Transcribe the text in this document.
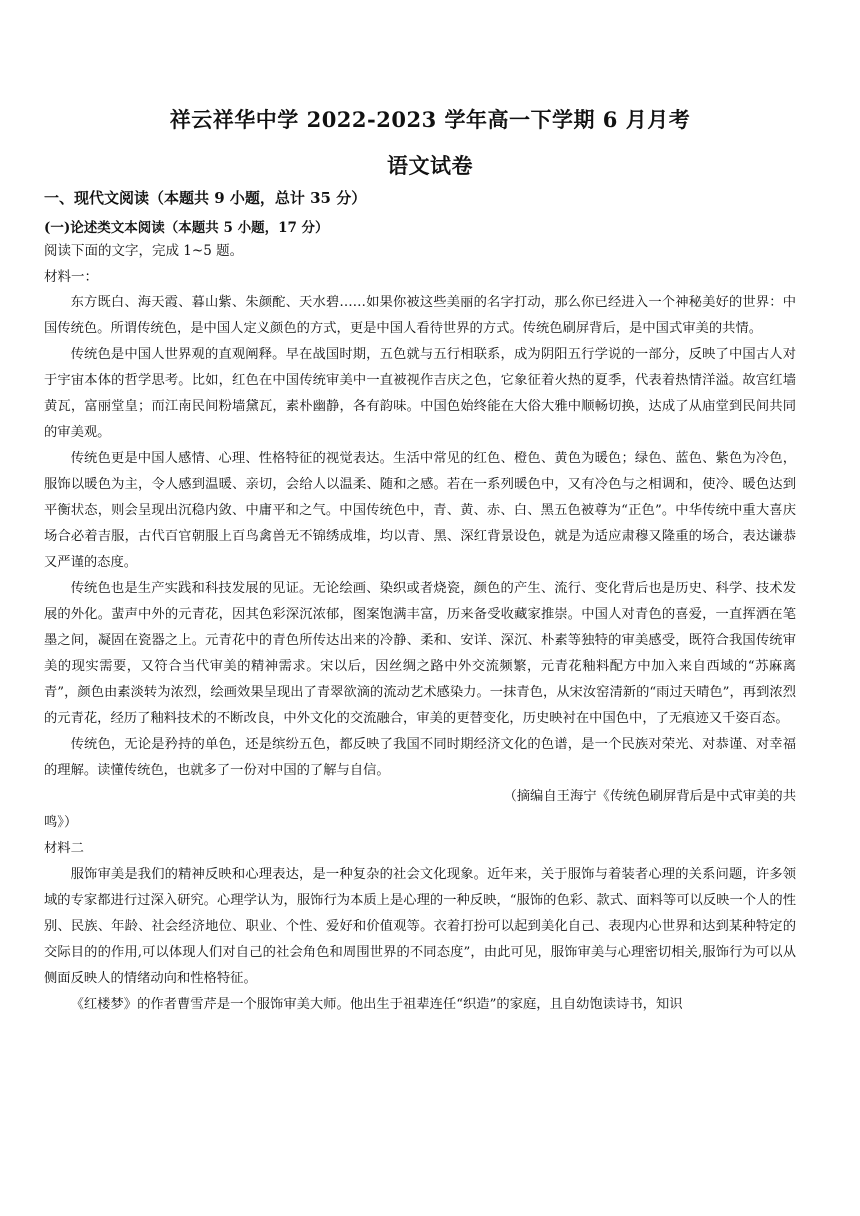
祥云祥华中学 2022-2023 学年高一下学期 6 月月考
语文试卷
一、现代文阅读（本题共 9 小题，总计 35 分）
(一)论述类文本阅读（本题共 5 小题，17 分）
阅读下面的文字，完成 1~5 题。
材料一：

东方既白、海天霞、暮山紫、朱颜酡、天水碧……如果你被这些美丽的名字打动，那么你已经进入一个神秘美好的世界：中国传统色。所谓传统色，是中国人定义颜色的方式，更是中国人看待世界的方式。传统色刷屏背后，是中国式审美的共情。

传统色是中国人世界观的直观阐释。早在战国时期，五色就与五行相联系，成为阴阳五行学说的一部分，反映了中国古人对于宇宙本体的哲学思考。比如，红色在中国传统审美中一直被视作吉庆之色，它象征着火热的夏季，代表着热情洋溢。故宫红墙黄瓦，富丽堂皇；而江南民间粉墙黛瓦，素朴幽静，各有韵味。中国色始终能在大俗大雅中顺畅切换，达成了从庙堂到民间共同的审美观。

传统色更是中国人感情、心理、性格特征的视觉表达。生活中常见的红色、橙色、黄色为暖色；绿色、蓝色、紫色为冷色，服饰以暖色为主，令人感到温暖、亲切，会给人以温柔、随和之感。若在一系列暖色中，又有冷色与之相调和，使冷、暖色达到平衡状态，则会呈现出沉稳内敛、中庸平和之气。中国传统色中，青、黄、赤、白、黑五色被尊为“正色”。中华传统中重大喜庆场合必着吉服，古代百官朝服上百鸟禽兽无不锦绣成堆，均以青、黑、深红背景设色，就是为适应肃穆又隆重的场合，表达谦恭又严谨的态度。

传统色也是生产实践和科技发展的见证。无论绘画、染织或者烧瓷，颜色的产生、流行、变化背后也是历史、科学、技术发展的外化。蜚声中外的元青花，因其色彩深沉浓郁，图案饱满丰富，历来备受收藏家推崇。中国人对青色的喜爱，一直挥洒在笔墨之间，凝固在瓷器之上。元青花中的青色所传达出来的冷静、柔和、安详、深沉、朴素等独特的审美感受，既符合我国传统审美的现实需要，又符合当代审美的精神需求。宋以后，因丝绸之路中外交流频繁，元青花釉料配方中加入来自西域的“苏麻离青”，颜色由素淡转为浓烈，绘画效果呈现出了青翠欲滴的流动艺术感染力。一抹青色，从宋汝窑清新的“雨过天晴色”，再到浓烈的元青花，经历了釉料技术的不断改良，中外文化的交流融合，审美的更替变化，历史映衬在中国色中，了无痕迹又千姿百态。

传统色，无论是矜持的单色，还是缤纷五色，都反映了我国不同时期经济文化的色谱，是一个民族对荣光、对恭谨、对幸福的理解。读懂传统色，也就多了一份对中国的了解与自信。

（摘编自王海宁《传统色刷屏背后是中式审美的共

鸣》）

材料二

服饰审美是我们的精神反映和心理表达，是一种复杂的社会文化现象。近年来，关于服饰与着装者心理的关系问题，许多领域的专家都进行过深入研究。心理学认为，服饰行为本质上是心理的一种反映，“服饰的色彩、款式、面料等可以反映一个人的性别、民族、年龄、社会经济地位、职业、个性、爱好和价值观等。衣着打扮可以起到美化自己、表现内心世界和达到某种特定的交际目的的作用,可以体现人们对自己的社会角色和周围世界的不同态度”，由此可见，服饰审美与心理密切相关,服饰行为可以从侧面反映人的情绪动向和性格特征。

《红楼梦》的作者曹雪芹是一个服饰审美大师。他出生于祖辈连任“织造”的家庭，且自幼饱读诗书，知识
